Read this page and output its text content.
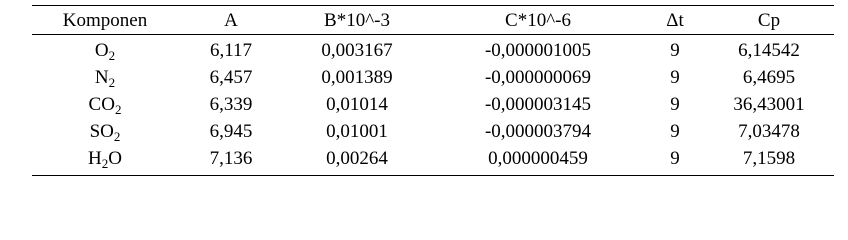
Komponen	A	B*10^-3	C*10^-6	Δt	Cp
$O_2$	6,117	0,003167	-0,000001005	9	6,14542
$N_2$	6,457	0,001389	-0,000000069	9	6,4695
$CO_2$	6,339	0,01014	-0,000003145	9	36,43001
$SO_2$	6,945	0,01001	-0,000003794	9	7,03478
$H_2O$	7,136	0,00264	0,000000459	9	7,1598
